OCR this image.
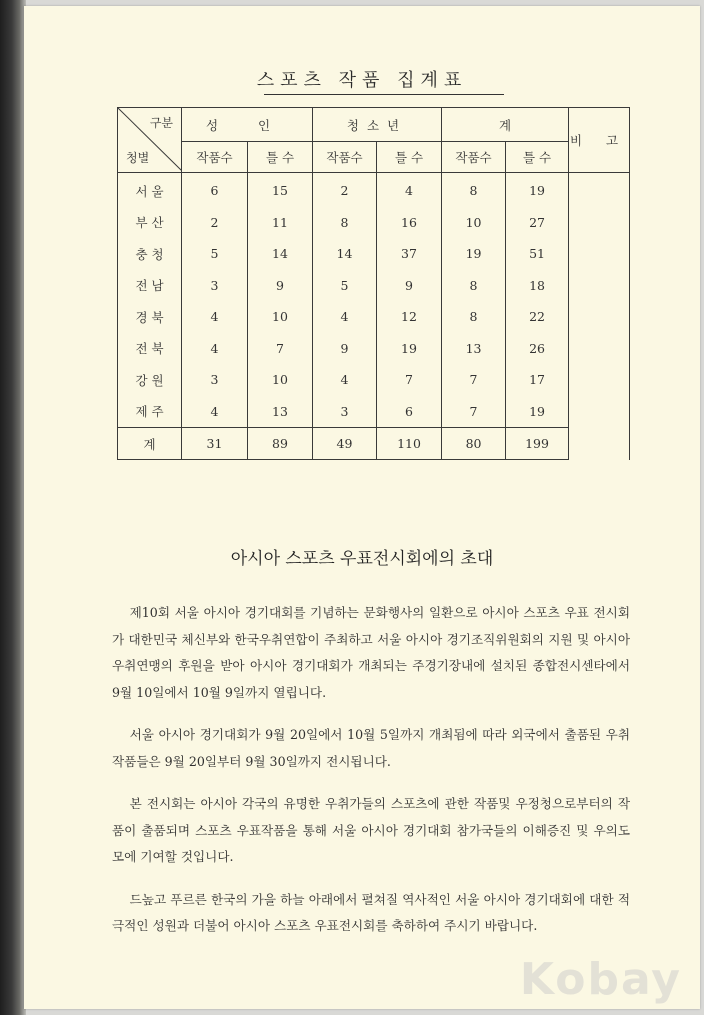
스포츠 작품 집계표
구분
청별	성 인		청소년		계		비 고
	작품수	틀 수	작품수	틀 수	작품수	틀 수	
서 울	6	15	2	4	8	19	
부 산	2	11	8	16	10	27	
충 청	5	14	14	37	19	51	
전 남	3	9	5	9	8	18	
경 북	4	10	4	12	8	22	
전 북	4	7	9	19	13	26	
강 원	3	10	4	7	7	17	
제 주	4	13	3	6	7	19	
계	31	89	49	110	80	199	
아시아 스포츠 우표전시회에의 초대

제10회 서울 아시아 경기대회를 기념하는 문화행사의 일환으로 아시아 스포츠 우표 전시회가 대한민국 체신부와 한국우취연합이 주최하고 서울 아시아 경기조직위원회의 지원 및 아시아 우취연맹의 후원을 받아 아시아 경기대회가 개최되는 주경기장내에 설치된 종합전시센타에서 9월 10일에서 10월 9일까지 열립니다.

서울 아시아 경기대회가 9월 20일에서 10월 5일까지 개최됨에 따라 외국에서 출품된 우취작품들은 9월 20일부터 9월 30일까지 전시됩니다.

본 전시회는 아시아 각국의 유명한 우취가들의 스포츠에 관한 작품및 우정청으로부터의 작품이 출품되며 스포츠 우표작품을 통해 서울 아시아 경기대회 참가국들의 이해증진 및 우의도모에 기여할 것입니다.

드높고 푸르른 한국의 가을 하늘 아래에서 펼쳐질 역사적인 서울 아시아 경기대회에 대한 적극적인 성원과 더불어 아시아 스포츠 우표전시회를 축하하여 주시기 바랍니다.

Kobay
